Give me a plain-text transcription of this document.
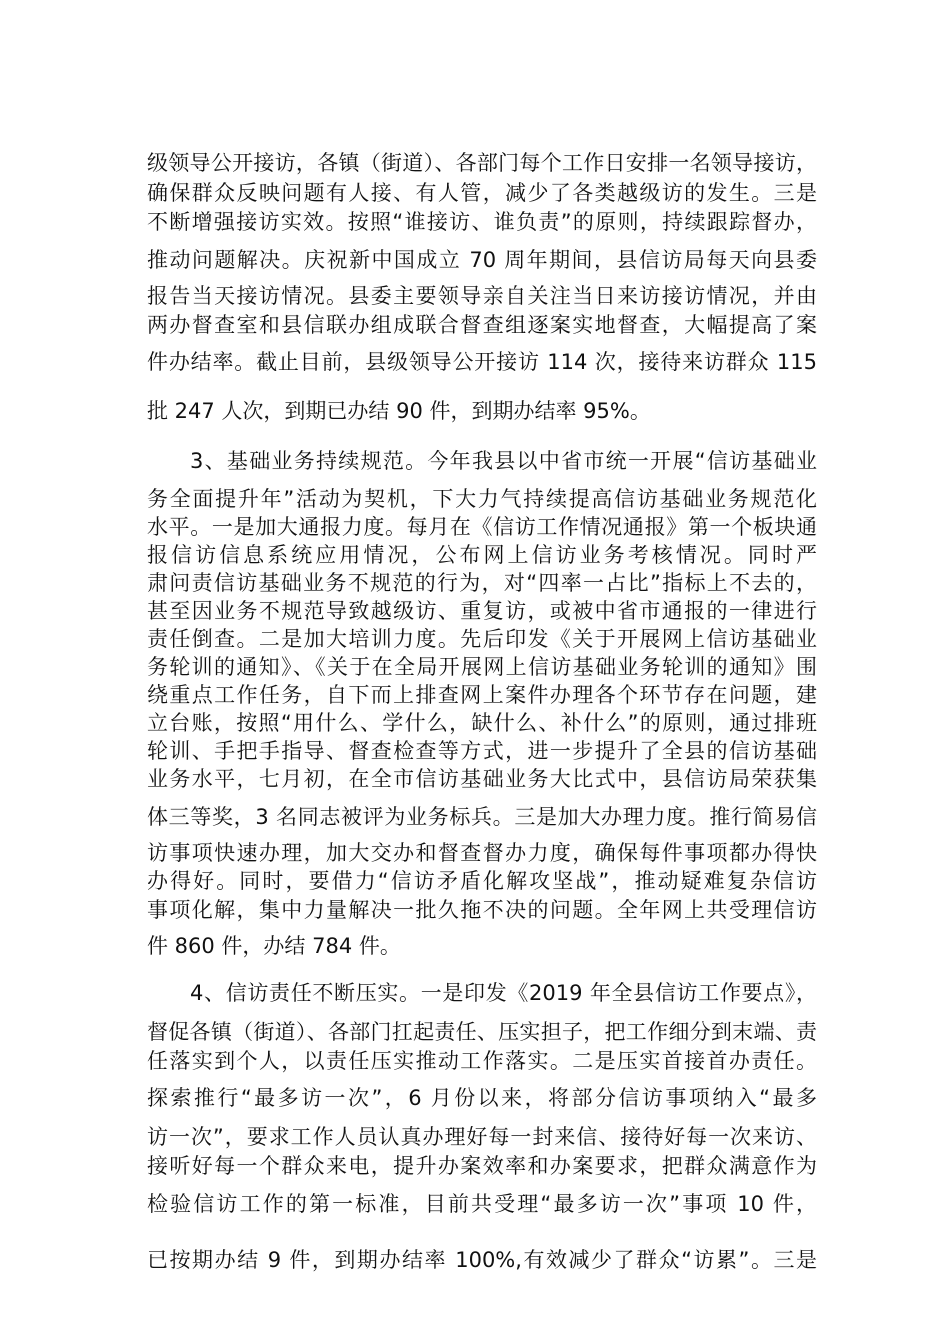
级领导公开接访，各镇（街道）、各部门每个工作日安排一名领导接访，
确保群众反映问题有人接、有人管，减少了各类越级访的发生。三是
不断增强接访实效。按照“谁接访、谁负责”的原则，持续跟踪督办，
推动问题解决。庆祝新中国成立 70 周年期间，县信访局每天向县委
报告当天接访情况。县委主要领导亲自关注当日来访接访情况，并由
两办督查室和县信联办组成联合督查组逐案实地督查，大幅提高了案
件办结率。截止目前，县级领导公开接访 114 次，接待来访群众 115
批 247 人次，到期已办结 90 件，到期办结率 95%。
3、基础业务持续规范。今年我县以中省市统一开展“信访基础业
务全面提升年”活动为契机，下大力气持续提高信访基础业务规范化
水平。一是加大通报力度。每月在《信访工作情况通报》第一个板块通
报信访信息系统应用情况，公布网上信访业务考核情况。同时严
肃问责信访基础业务不规范的行为，对“四率一占比”指标上不去的，
甚至因业务不规范导致越级访、重复访，或被中省市通报的一律进行
责任倒查。二是加大培训力度。先后印发《关于开展网上信访基础业
务轮训的通知》、《关于在全局开展网上信访基础业务轮训的通知》围
绕重点工作任务，自下而上排查网上案件办理各个环节存在问题，建
立台账，按照“用什么、学什么，缺什么、补什么”的原则，通过排班
轮训、手把手指导、督查检查等方式，进一步提升了全县的信访基础
业务水平，七月初，在全市信访基础业务大比式中，县信访局荣获集
体三等奖，3 名同志被评为业务标兵。三是加大办理力度。推行简易信
访事项快速办理，加大交办和督查督办力度，确保每件事项都办得快
办得好。同时，要借力“信访矛盾化解攻坚战”，推动疑难复杂信访
事项化解，集中力量解决一批久拖不决的问题。全年网上共受理信访
件 860 件，办结 784 件。
4、信访责任不断压实。一是印发《2019 年全县信访工作要点》，
督促各镇（街道）、各部门扛起责任、压实担子，把工作细分到末端、责
任落实到个人，以责任压实推动工作落实。二是压实首接首办责任。
探索推行“最多访一次”，6 月份以来，将部分信访事项纳入“最多
访一次”，要求工作人员认真办理好每一封来信、接待好每一次来访、
接听好每一个群众来电，提升办案效率和办案要求，把群众满意作为
检验信访工作的第一标准，目前共受理“最多访一次”事项 10 件，
已按期办结 9 件，到期办结率 100%,有效减少了群众“访累”。三是
